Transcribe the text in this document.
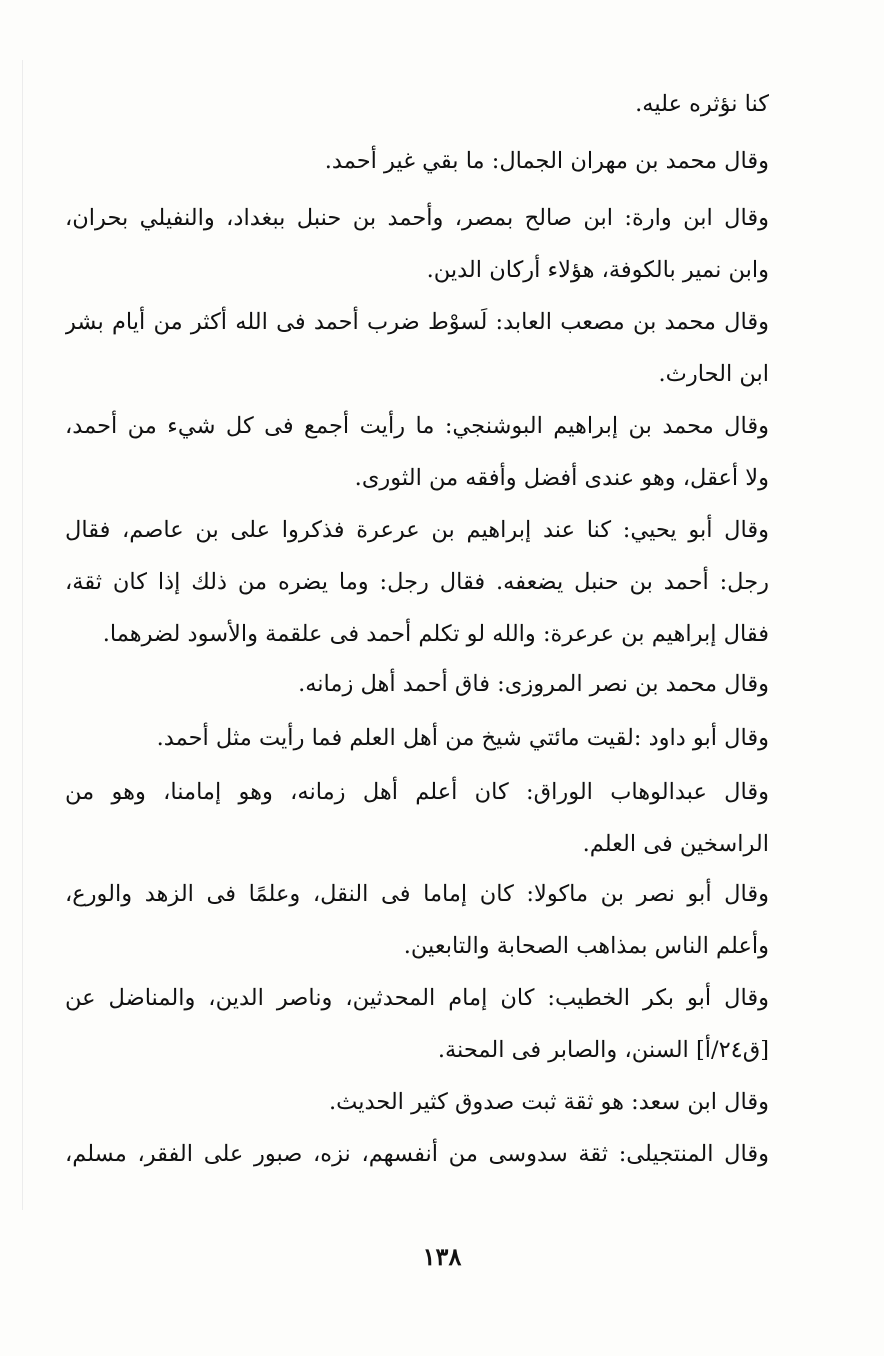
كنا نؤثره عليه.
وقال محمد بن مهران الجمال: ما بقي غير أحمد.
وقال ابن وارة: ابن صالح بمصر، وأحمد بن حنبل ببغداد، والنفيلي بحران،
وابن نمير بالكوفة، هؤلاء أركان الدين.
وقال محمد بن مصعب العابد: لَسوْط ضرب أحمد فى الله أكثر من أيام بشر
ابن الحارث.
وقال محمد بن إبراهيم البوشنجي: ما رأيت أجمع فى كل شيء من أحمد،
ولا أعقل، وهو عندى أفضل وأفقه من الثورى.
وقال أبو يحيي: كنا عند إبراهيم بن عرعرة فذكروا على بن عاصم، فقال
رجل: أحمد بن حنبل يضعفه. فقال رجل: وما يضره من ذلك إذا كان ثقة،
فقال إبراهيم بن عرعرة: والله لو تكلم أحمد فى علقمة والأسود لضرهما.
وقال محمد بن نصر المروزى: فاق أحمد أهل زمانه.
وقال أبو داود :لقيت مائتي شيخ من أهل العلم فما رأيت مثل أحمد.
وقال عبدالوهاب الوراق: كان أعلم أهل زمانه، وهو إمامنا، وهو من
الراسخين فى العلم.
وقال أبو نصر بن ماكولا: كان إماما فى النقل، وعلمًا فى الزهد والورع،
وأعلم الناس بمذاهب الصحابة والتابعين.
وقال أبو بكر الخطيب: كان إمام المحدثين، وناصر الدين، والمناضل عن
[ق٢٤/أ] السنن، والصابر فى المحنة.
وقال ابن سعد: هو ثقة ثبت صدوق كثير الحديث.
وقال المنتجيلى: ثقة سدوسى من أنفسهم، نزه، صبور على الفقر، مسلم،
١٣٨
